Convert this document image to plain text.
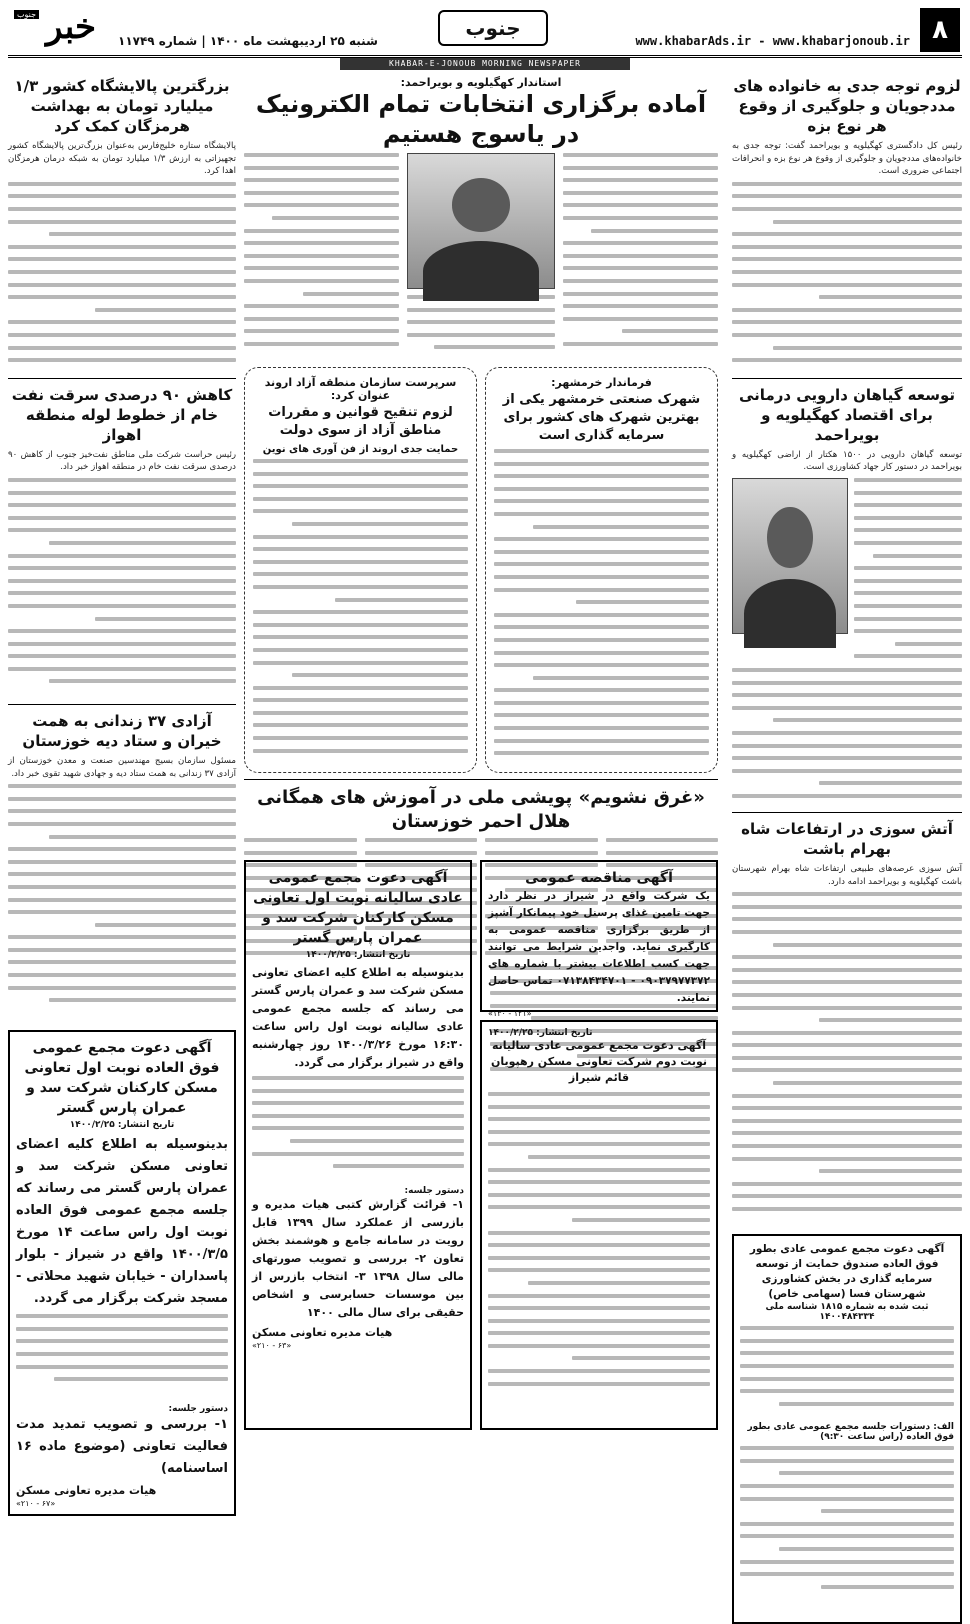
جنوب خبر شنبه ۲۵ اردیبهشت ماه ۱۴۰۰ | شماره ۱۱۷۴۹
جنوب
www.khabarAds.ir - www.khabarjonoub.ir ۸
KHABAR-E-JONOUB MORNING NEWSPAPER
لزوم توجه جدی به خانواده های مددجویان و جلوگیری از وقوع هر نوع بزه

رئیس کل دادگستری کهگیلویه و بویراحمد گفت: توجه جدی به خانواده‌های مددجویان و جلوگیری از وقوع هر نوع بزه و انحرافات اجتماعی ضروری است.

توسعه گیاهان دارویی درمانی برای اقتصاد کهگیلویه و بویراحمد

توسعه گیاهان دارویی در ۱۵۰۰ هکتار از اراضی کهگیلویه و بویراحمد در دستور کار جهاد کشاورزی است.

آتش سوزی در ارتفاعات شاه بهرام باشت

آتش سوزی عرصه‌های طبیعی ارتفاعات شاه بهرام شهرستان باشت کهگیلویه و بویراحمد ادامه دارد.

آگهی دعوت مجمع عمومی عادی بطور فوق العاده صندوق حمایت از توسعه سرمایه گذاری در بخش کشاورزی شهرستان فسا (سهامی خاص)
ثبت شده به شماره ۱۸۱۵ شناسه ملی ۱۴۰۰۴۸۴۳۳۴
الف: دستورات جلسه مجمع عمومی عادی بطور فوق العاده (راس ساعت ۹:۳۰)
استاندار کهگیلویه و بویراحمد:
آماده برگزاری انتخابات تمام الکترونیک در یاسوج هستیم
فرماندار خرمشهر:
شهرک صنعتی خرمشهر یکی از بهترین شهرک های کشور برای سرمایه گذاری است
سرپرست سازمان منطقه آزاد اروند عنوان کرد:
لزوم تنقیح قوانین و مقررات مناطق آزاد از سوی دولت
حمایت جدی اروند از فن آوری های نوین
«غرق نشویم» پویشی ملی در آموزش های همگانی هلال احمر خوزستان
آگهی دعوت مجمع عمومی عادی سالیانه نوبت اول تعاونی مسکن کارکنان شرکت سد و عمران پارس گستر
تاریخ انتشار: ۱۴۰۰/۲/۲۵
بدینوسیله به اطلاع کلیه اعضای تعاونی مسکن شرکت سد و عمران پارس گستر می رساند که جلسه مجمع عمومی عادی سالیانه نوبت اول راس ساعت ۱۶:۳۰ مورخ ۱۴۰۰/۳/۲۶ روز چهارشنبه واقع در شیراز برگزار می گردد.
دستور جلسه:
۱- قرائت گزارش کتبی هیات مدیره و بازرسی از عملکرد سال ۱۳۹۹ قابل رویت در سامانه جامع و هوشمند بخش تعاون ۲- بررسی و تصویب صورتهای مالی سال ۱۳۹۸ ۳- انتخاب بازرس از بین موسسات حسابرسی و اشخاص حقیقی برای سال مالی ۱۴۰۰
هیات مدیره تعاونی مسکن
«۲۱۰ - ۶۳»
آگهی مناقصه عمومی
یک شرکت واقع در شیراز در نظر دارد جهت تامین غذای پرسنل خود پیمانکار آشپز از طریق برگزاری مناقصه عمومی به کارگیری نماید. واجدین شرایط می توانند جهت کسب اطلاعات بیشتر با شماره های ۰۹۰۳۷۹۷۷۳۷۲ - ۰۷۱۳۸۴۳۴۷۰۱ تماس حاصل نمایند.
«۱۳۰ - ۱۲۱»
تاریخ انتشار: ۱۴۰۰/۲/۲۵
آگهی دعوت مجمع عمومی عادی سالیانه نوبت دوم شرکت تعاونی مسکن رهپویان قائم شیراز
بزرگترین پالایشگاه کشور ۱/۳ میلیارد تومان به بهداشت هرمزگان کمک کرد

پالایشگاه ستاره خلیج‌فارس به‌عنوان بزرگ‌ترین پالایشگاه کشور تجهیزاتی به ارزش ۱/۳ میلیارد تومان به شبکه درمان هرمزگان اهدا کرد.

کاهش ۹۰ درصدی سرقت نفت خام از خطوط لوله منطقه اهواز

رئیس حراست شرکت ملی مناطق نفت‌خیز جنوب از کاهش ۹۰ درصدی سرقت نفت خام در منطقه اهواز خبر داد.

آزادی ۳۷ زندانی به همت خیران و ستاد دیه خوزستان

مسئول سازمان بسیج مهندسین صنعت و معدن خوزستان از آزادی ۳۷ زندانی به همت ستاد دیه و جهادی شهید تقوی خبر داد.

آگهی دعوت مجمع عمومی فوق العاده نوبت اول تعاونی مسکن کارکنان شرکت سد و عمران پارس گستر
تاریخ انتشار: ۱۴۰۰/۲/۲۵
بدینوسیله به اطلاع کلیه اعضای تعاونی مسکن شرکت سد و عمران پارس گستر می رساند که جلسه مجمع عمومی فوق العاده نوبت اول راس ساعت ۱۴ مورخ ۱۴۰۰/۳/۵ واقع در شیراز - بلوار پاسداران - خیابان شهید محلاتی - مسجد شرکت برگزار می گردد.
دستور جلسه:
۱- بررسی و تصویب تمدید مدت فعالیت تعاونی (موضوع ماده ۱۶ اساسنامه)
هیات مدیره تعاونی مسکن
«۲۱۰ - ۶۷»
